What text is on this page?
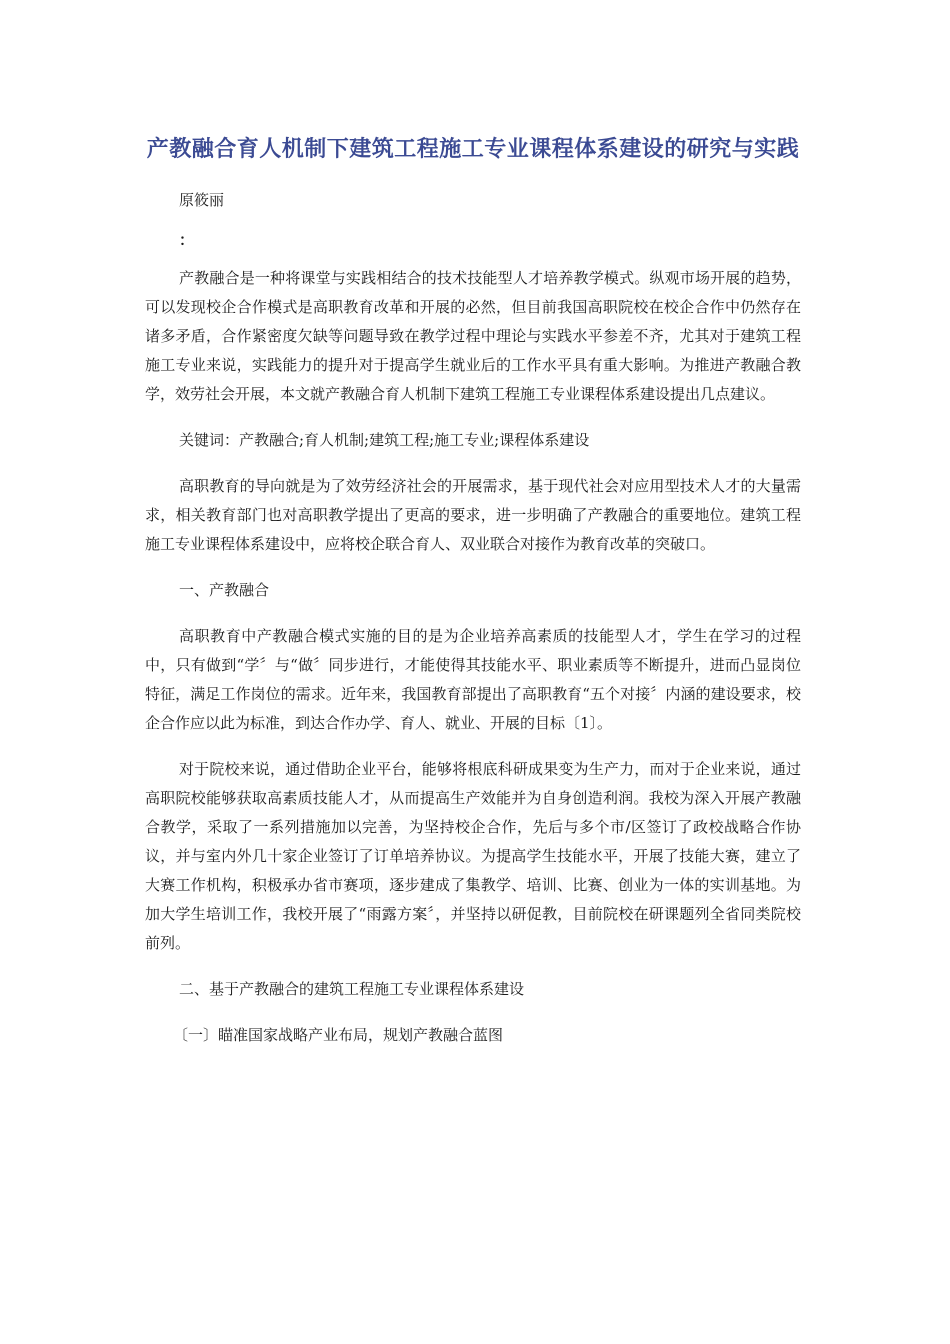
产教融合育人机制下建筑工程施工专业课程体系建设的研究与实践
原筱丽
：

产教融合是一种将课堂与实践相结合的技术技能型人才培养教学模式。纵观市场开展的趋势，可以发现校企合作模式是高职教育改革和开展的必然，但目前我国高职院校在校企合作中仍然存在诸多矛盾，合作紧密度欠缺等问题导致在教学过程中理论与实践水平参差不齐，尤其对于建筑工程施工专业来说，实践能力的提升对于提高学生就业后的工作水平具有重大影响。为推进产教融合教学，效劳社会开展，本文就产教融合育人机制下建筑工程施工专业课程体系建设提出几点建议。

关键词：产教融合;育人机制;建筑工程;施工专业;课程体系建设

高职教育的导向就是为了效劳经济社会的开展需求，基于现代社会对应用型技术人才的大量需求，相关教育部门也对高职教学提出了更高的要求，进一步明确了产教融合的重要地位。建筑工程施工专业课程体系建设中，应将校企联合育人、双业联合对接作为教育改革的突破口。

一、产教融合

高职教育中产教融合模式实施的目的是为企业培养高素质的技能型人才，学生在学习的过程中，只有做到“学〞与“做〞同步进行，才能使得其技能水平、职业素质等不断提升，进而凸显岗位特征，满足工作岗位的需求。近年来，我国教育部提出了高职教育“五个对接〞内涵的建设要求，校企合作应以此为标准，到达合作办学、育人、就业、开展的目标〔1〕。

对于院校来说，通过借助企业平台，能够将根底科研成果变为生产力，而对于企业来说，通过高职院校能够获取高素质技能人才，从而提高生产效能并为自身创造利润。我校为深入开展产教融合教学，采取了一系列措施加以完善，为坚持校企合作，先后与多个市/区签订了政校战略合作协议，并与室内外几十家企业签订了订单培养协议。为提高学生技能水平，开展了技能大赛，建立了大赛工作机构，积极承办省市赛项，逐步建成了集教学、培训、比赛、创业为一体的实训基地。为加大学生培训工作，我校开展了“雨露方案〞，并坚持以研促教，目前院校在研课题列全省同类院校前列。

二、基于产教融合的建筑工程施工专业课程体系建设

〔一〕瞄准国家战略产业布局，规划产教融合蓝图
